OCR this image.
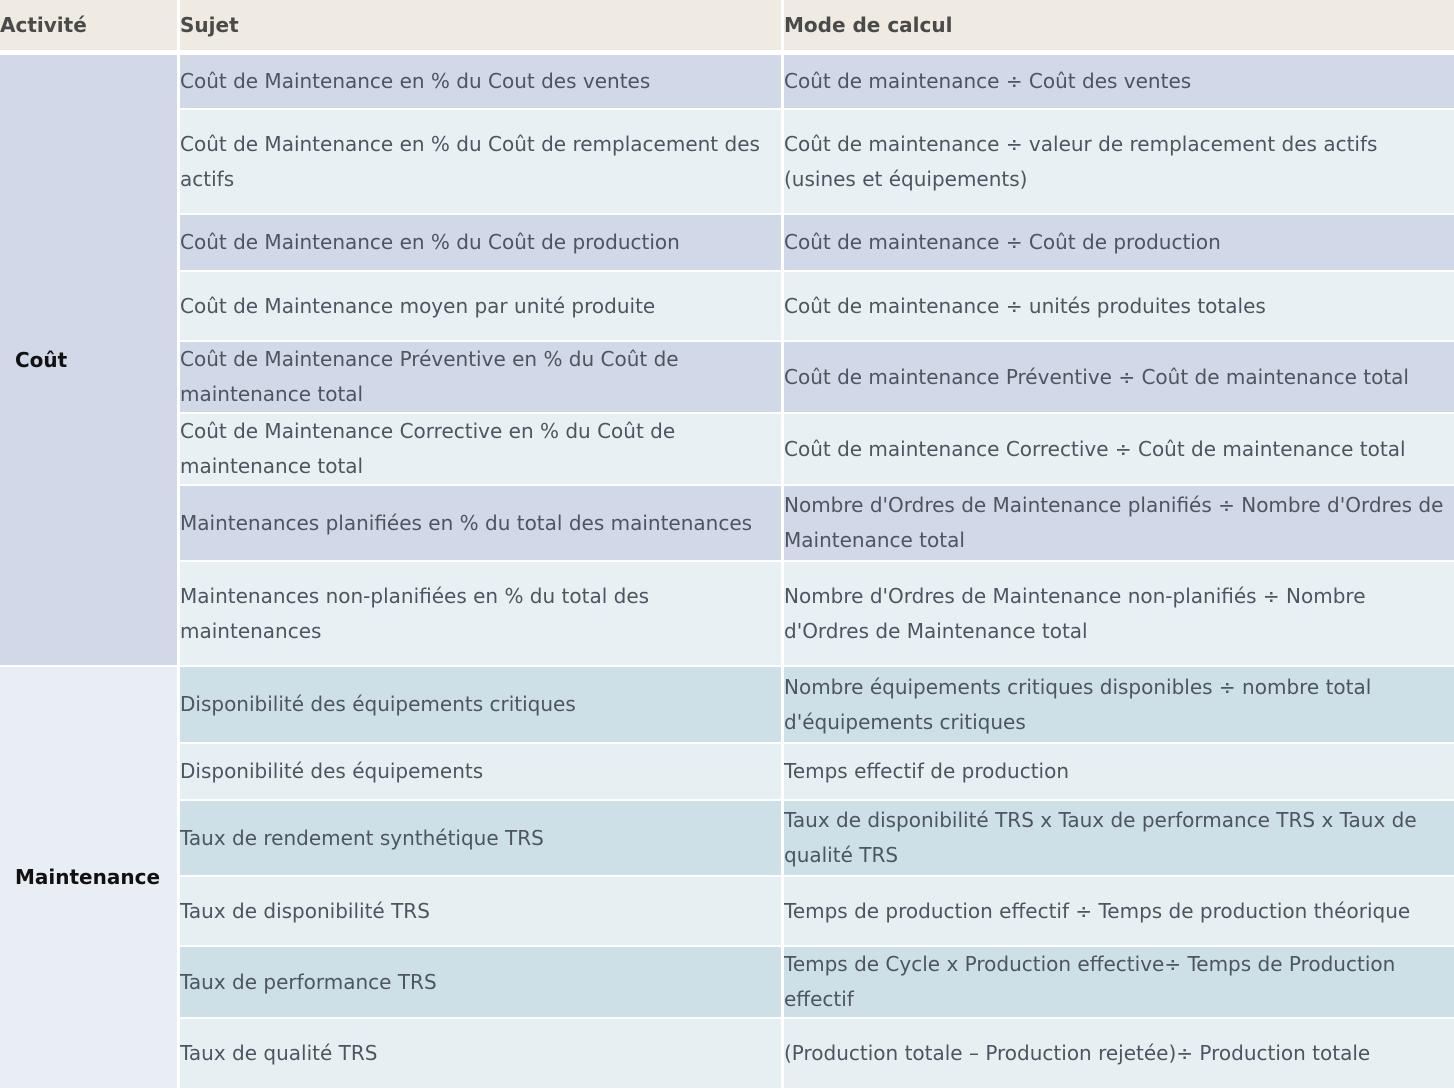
Activité	Sujet	Mode de calcul
Coût	Coût de Maintenance en % du Cout des ventes	Coût de maintenance ÷ Coût des ventes
	Coût de Maintenance en % du Coût de remplacement des actifs	Coût de maintenance ÷ valeur de remplacement des actifs (usines et équipements)
	Coût de Maintenance en % du Coût de production	Coût de maintenance ÷ Coût de production
	Coût de Maintenance moyen par unité produite	Coût de maintenance ÷ unités produites totales
	Coût de Maintenance Préventive en % du Coût de maintenance total	Coût de maintenance Préventive ÷ Coût de maintenance total
	Coût de Maintenance Corrective en % du Coût de maintenance total	Coût de maintenance Corrective ÷ Coût de maintenance total
	Maintenances planifiées en % du total des maintenances	Nombre d'Ordres de Maintenance planifiés ÷ Nombre d'Ordres de Maintenance total
	Maintenances non-planifiées en % du total des maintenances	Nombre d'Ordres de Maintenance non-planifiés ÷ Nombre d'Ordres de Maintenance total
Maintenance	Disponibilité des équipements critiques	Nombre équipements critiques disponibles ÷ nombre total d'équipements critiques
	Disponibilité des équipements	Temps effectif de production
	Taux de rendement synthétique TRS	Taux de disponibilité TRS x Taux de performance TRS x Taux de qualité TRS
	Taux de disponibilité TRS	Temps de production effectif ÷ Temps de production théorique
	Taux de performance TRS	Temps de Cycle x Production effective÷ Temps de Production effectif
	Taux de qualité TRS	(Production totale – Production rejetée)÷ Production totale
